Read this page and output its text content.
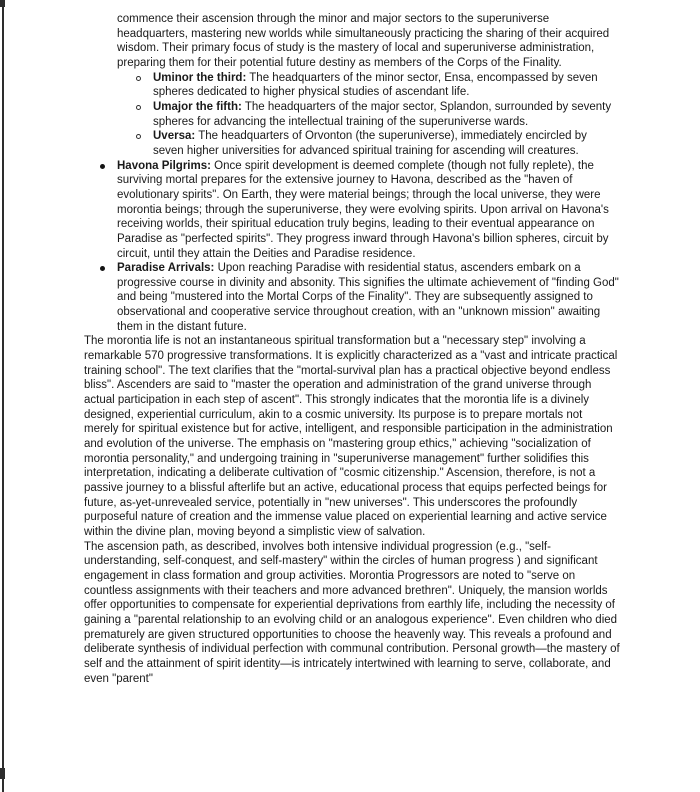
commence their ascension through the minor and major sectors to the superuniverse headquarters, mastering new worlds while simultaneously practicing the sharing of their acquired wisdom. Their primary focus of study is the mastery of local and superuniverse administration, preparing them for their potential future destiny as members of the Corps of the Finality.

Uminor the third: The headquarters of the minor sector, Ensa, encompassed by seven spheres dedicated to higher physical studies of ascendant life.

Umajor the fifth: The headquarters of the major sector, Splandon, surrounded by seventy spheres for advancing the intellectual training of the superuniverse wards.

Uversa: The headquarters of Orvonton (the superuniverse), immediately encircled by seven higher universities for advanced spiritual training for ascending will creatures.

Havona Pilgrims: Once spirit development is deemed complete (though not fully replete), the surviving mortal prepares for the extensive journey to Havona, described as the "haven of evolutionary spirits". On Earth, they were material beings; through the local universe, they were morontia beings; through the superuniverse, they were evolving spirits. Upon arrival on Havona's receiving worlds, their spiritual education truly begins, leading to their eventual appearance on Paradise as "perfected spirits". They progress inward through Havona's billion spheres, circuit by circuit, until they attain the Deities and Paradise residence.

Paradise Arrivals: Upon reaching Paradise with residential status, ascenders embark on a progressive course in divinity and absonity. This signifies the ultimate achievement of "finding God" and being "mustered into the Mortal Corps of the Finality". They are subsequently assigned to observational and cooperative service throughout creation, with an "unknown mission" awaiting them in the distant future.

The morontia life is not an instantaneous spiritual transformation but a "necessary step" involving a remarkable 570 progressive transformations. It is explicitly characterized as a "vast and intricate practical training school". The text clarifies that the "mortal-survival plan has a practical objective beyond endless bliss". Ascenders are said to "master the operation and administration of the grand universe through actual participation in each step of ascent". This strongly indicates that the morontia life is a divinely designed, experiential curriculum, akin to a cosmic university. Its purpose is to prepare mortals not merely for spiritual existence but for active, intelligent, and responsible participation in the administration and evolution of the universe. The emphasis on "mastering group ethics," achieving "socialization of morontia personality," and undergoing training in "superuniverse management" further solidifies this interpretation, indicating a deliberate cultivation of "cosmic citizenship." Ascension, therefore, is not a passive journey to a blissful afterlife but an active, educational process that equips perfected beings for future, as-yet-unrevealed service, potentially in "new universes". This underscores the profoundly purposeful nature of creation and the immense value placed on experiential learning and active service within the divine plan, moving beyond a simplistic view of salvation.

The ascension path, as described, involves both intensive individual progression (e.g., "self-understanding, self-conquest, and self-mastery" within the circles of human progress ) and significant engagement in class formation and group activities. Morontia Progressors are noted to "serve on countless assignments with their teachers and more advanced brethren". Uniquely, the mansion worlds offer opportunities to compensate for experiential deprivations from earthly life, including the necessity of gaining a "parental relationship to an evolving child or an analogous experience". Even children who died prematurely are given structured opportunities to choose the heavenly way. This reveals a profound and deliberate synthesis of individual perfection with communal contribution. Personal growth—the mastery of self and the attainment of spirit identity—is intricately intertwined with learning to serve, collaborate, and even "parent"
